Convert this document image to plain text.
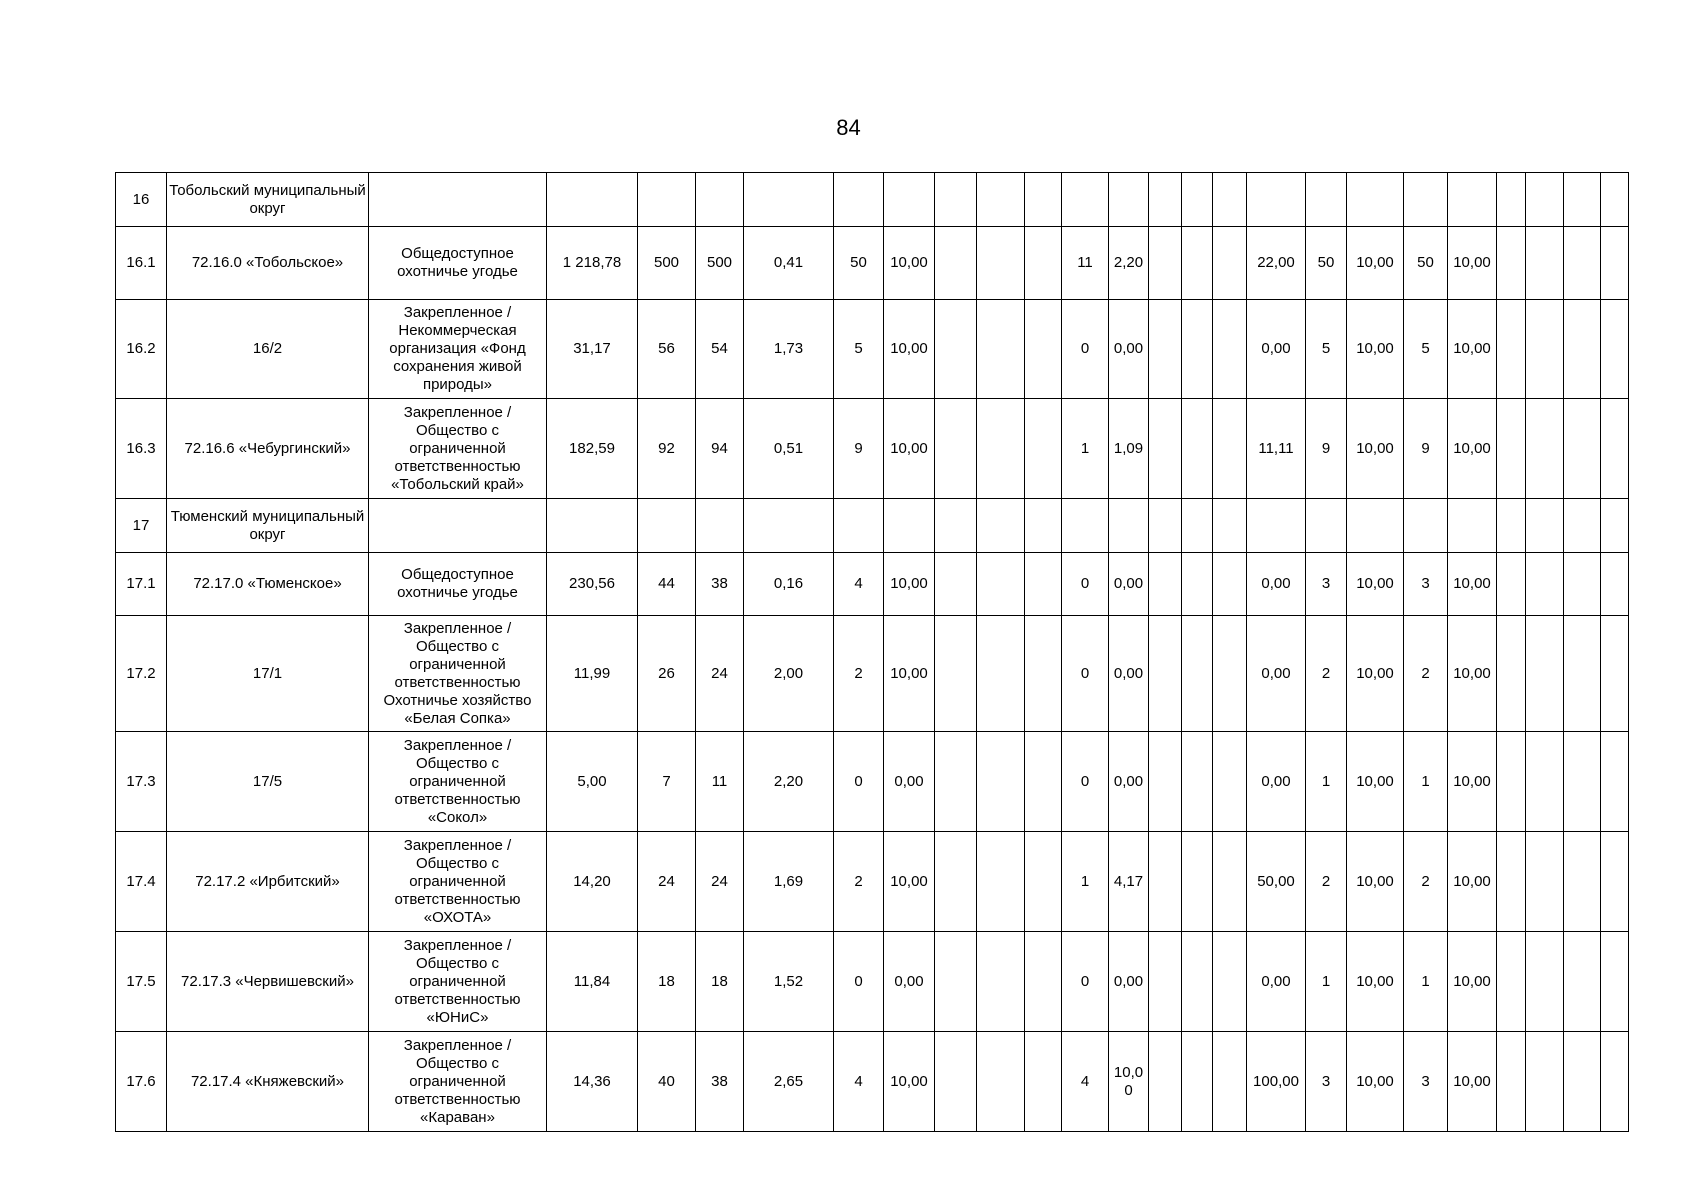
84
16	Тобольский муниципальный округ																								
16.1	72.16.0 «Тобольское»	Общедоступное охотничье угодье	1 218,78	500	500	0,41	50	10,00				11	2,20				22,00	50	10,00	50	10,00				
16.2	16/2	Закрепленное / Некоммерческая организация «Фонд сохранения живой природы»	31,17	56	54	1,73	5	10,00				0	0,00				0,00	5	10,00	5	10,00				
16.3	72.16.6 «Чебургинский»	Закрепленное / Общество с ограниченной ответственностью «Тобольский край»	182,59	92	94	0,51	9	10,00				1	1,09				11,11	9	10,00	9	10,00				
17	Тюменский муниципальный округ																								
17.1	72.17.0 «Тюменское»	Общедоступное охотничье угодье	230,56	44	38	0,16	4	10,00				0	0,00				0,00	3	10,00	3	10,00				
17.2	17/1	Закрепленное / Общество с ограниченной ответственностью Охотничье хозяйство «Белая Сопка»	11,99	26	24	2,00	2	10,00				0	0,00				0,00	2	10,00	2	10,00				
17.3	17/5	Закрепленное / Общество с ограниченной ответственностью «Сокол»	5,00	7	11	2,20	0	0,00				0	0,00				0,00	1	10,00	1	10,00				
17.4	72.17.2 «Ирбитский»	Закрепленное / Общество с ограниченной ответственностью «ОХОТА»	14,20	24	24	1,69	2	10,00				1	4,17				50,00	2	10,00	2	10,00				
17.5	72.17.3 «Червишевский»	Закрепленное / Общество с ограниченной ответственностью «ЮНиС»	11,84	18	18	1,52	0	0,00				0	0,00				0,00	1	10,00	1	10,00				
17.6	72.17.4 «Княжевский»	Закрепленное / Общество с ограниченной ответственностью «Караван»	14,36	40	38	2,65	4	10,00				4	10,00				100,00	3	10,00	3	10,00				
